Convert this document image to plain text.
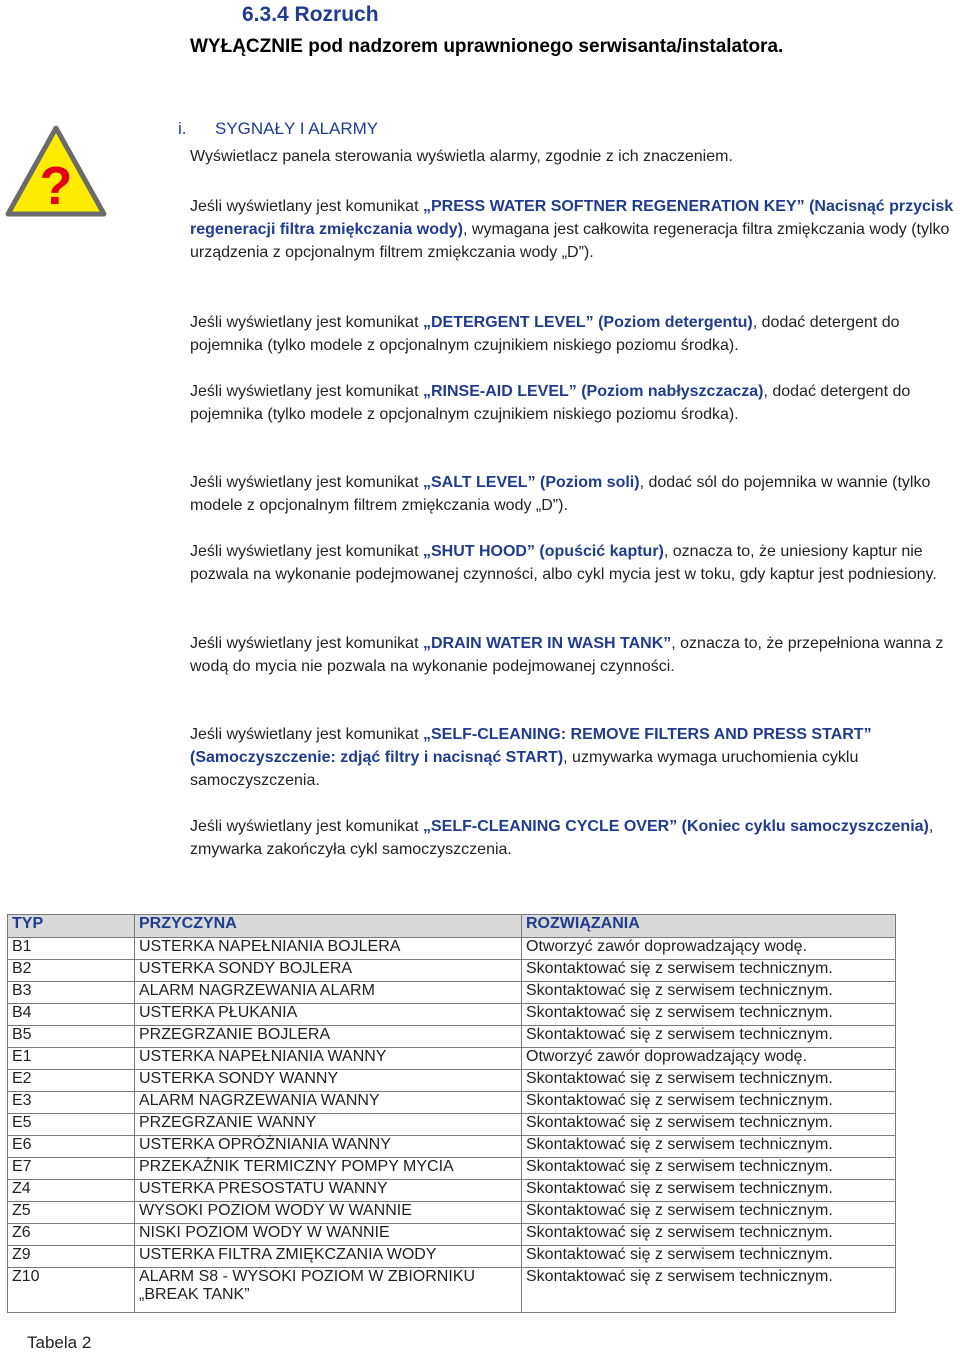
6.3.4 Rozruch
WYŁĄCZNIE pod nadzorem uprawnionego serwisanta/instalatora.
?
i. SYGNAŁY I ALARMY
Wyświetlacz panela sterowania wyświetla alarmy, zgodnie z ich znaczeniem.
Jeśli wyświetlany jest komunikat „PRESS WATER SOFTNER REGENERATION KEY” (Nacisnąć przycisk regeneracji filtra zmiękczania wody), wymagana jest całkowita regeneracja filtra zmiękczania wody (tylko urządzenia z opcjonalnym filtrem zmiękczania wody „D”).
Jeśli wyświetlany jest komunikat „DETERGENT LEVEL” (Poziom detergentu), dodać detergent do pojemnika (tylko modele z opcjonalnym czujnikiem niskiego poziomu środka).
Jeśli wyświetlany jest komunikat „RINSE-AID LEVEL” (Poziom nabłyszczacza), dodać detergent do pojemnika (tylko modele z opcjonalnym czujnikiem niskiego poziomu środka).
Jeśli wyświetlany jest komunikat „SALT LEVEL” (Poziom soli), dodać sól do pojemnika w wannie (tylko modele z opcjonalnym filtrem zmiękczania wody „D”).
Jeśli wyświetlany jest komunikat „SHUT HOOD” (opuścić kaptur), oznacza to, że uniesiony kaptur nie pozwala na wykonanie podejmowanej czynności, albo cykl mycia jest w toku, gdy kaptur jest podniesiony.
Jeśli wyświetlany jest komunikat „DRAIN WATER IN WASH TANK”, oznacza to, że przepełniona wanna z wodą do mycia nie pozwala na wykonanie podejmowanej czynności.
Jeśli wyświetlany jest komunikat „SELF-CLEANING: REMOVE FILTERS AND PRESS START” (Samoczyszczenie: zdjąć filtry i nacisnąć START), uzmywarka wymaga uruchomienia cyklu samoczyszczenia.
Jeśli wyświetlany jest komunikat „SELF-CLEANING CYCLE OVER” (Koniec cyklu samoczyszczenia), zmywarka zakończyła cykl samoczyszczenia.
TYP	PRZYCZYNA	ROZWIĄZANIA
B1	USTERKA NAPEŁNIANIA BOJLERA	Otworzyć zawór doprowadzający wodę.
B2	USTERKA SONDY BOJLERA	Skontaktować się z serwisem technicznym.
B3	ALARM NAGRZEWANIA ALARM	Skontaktować się z serwisem technicznym.
B4	USTERKA PŁUKANIA	Skontaktować się z serwisem technicznym.
B5	PRZEGRZANIE BOJLERA	Skontaktować się z serwisem technicznym.
E1	USTERKA NAPEŁNIANIA WANNY	Otworzyć zawór doprowadzający wodę.
E2	USTERKA SONDY WANNY	Skontaktować się z serwisem technicznym.
E3	ALARM NAGRZEWANIA WANNY	Skontaktować się z serwisem technicznym.
E5	PRZEGRZANIE WANNY	Skontaktować się z serwisem technicznym.
E6	USTERKA OPRÓŻNIANIA WANNY	Skontaktować się z serwisem technicznym.
E7	PRZEKAŹNIK TERMICZNY POMPY MYCIA	Skontaktować się z serwisem technicznym.
Z4	USTERKA PRESOSTATU WANNY	Skontaktować się z serwisem technicznym.
Z5	WYSOKI POZIOM WODY W WANNIE	Skontaktować się z serwisem technicznym.
Z6	NISKI POZIOM WODY W WANNIE	Skontaktować się z serwisem technicznym.
Z9	USTERKA FILTRA ZMIĘKCZANIA WODY	Skontaktować się z serwisem technicznym.
Z10	ALARM S8 - WYSOKI POZIOM W ZBIORNIKU „BREAK TANK”	Skontaktować się z serwisem technicznym.
Tabela 2
